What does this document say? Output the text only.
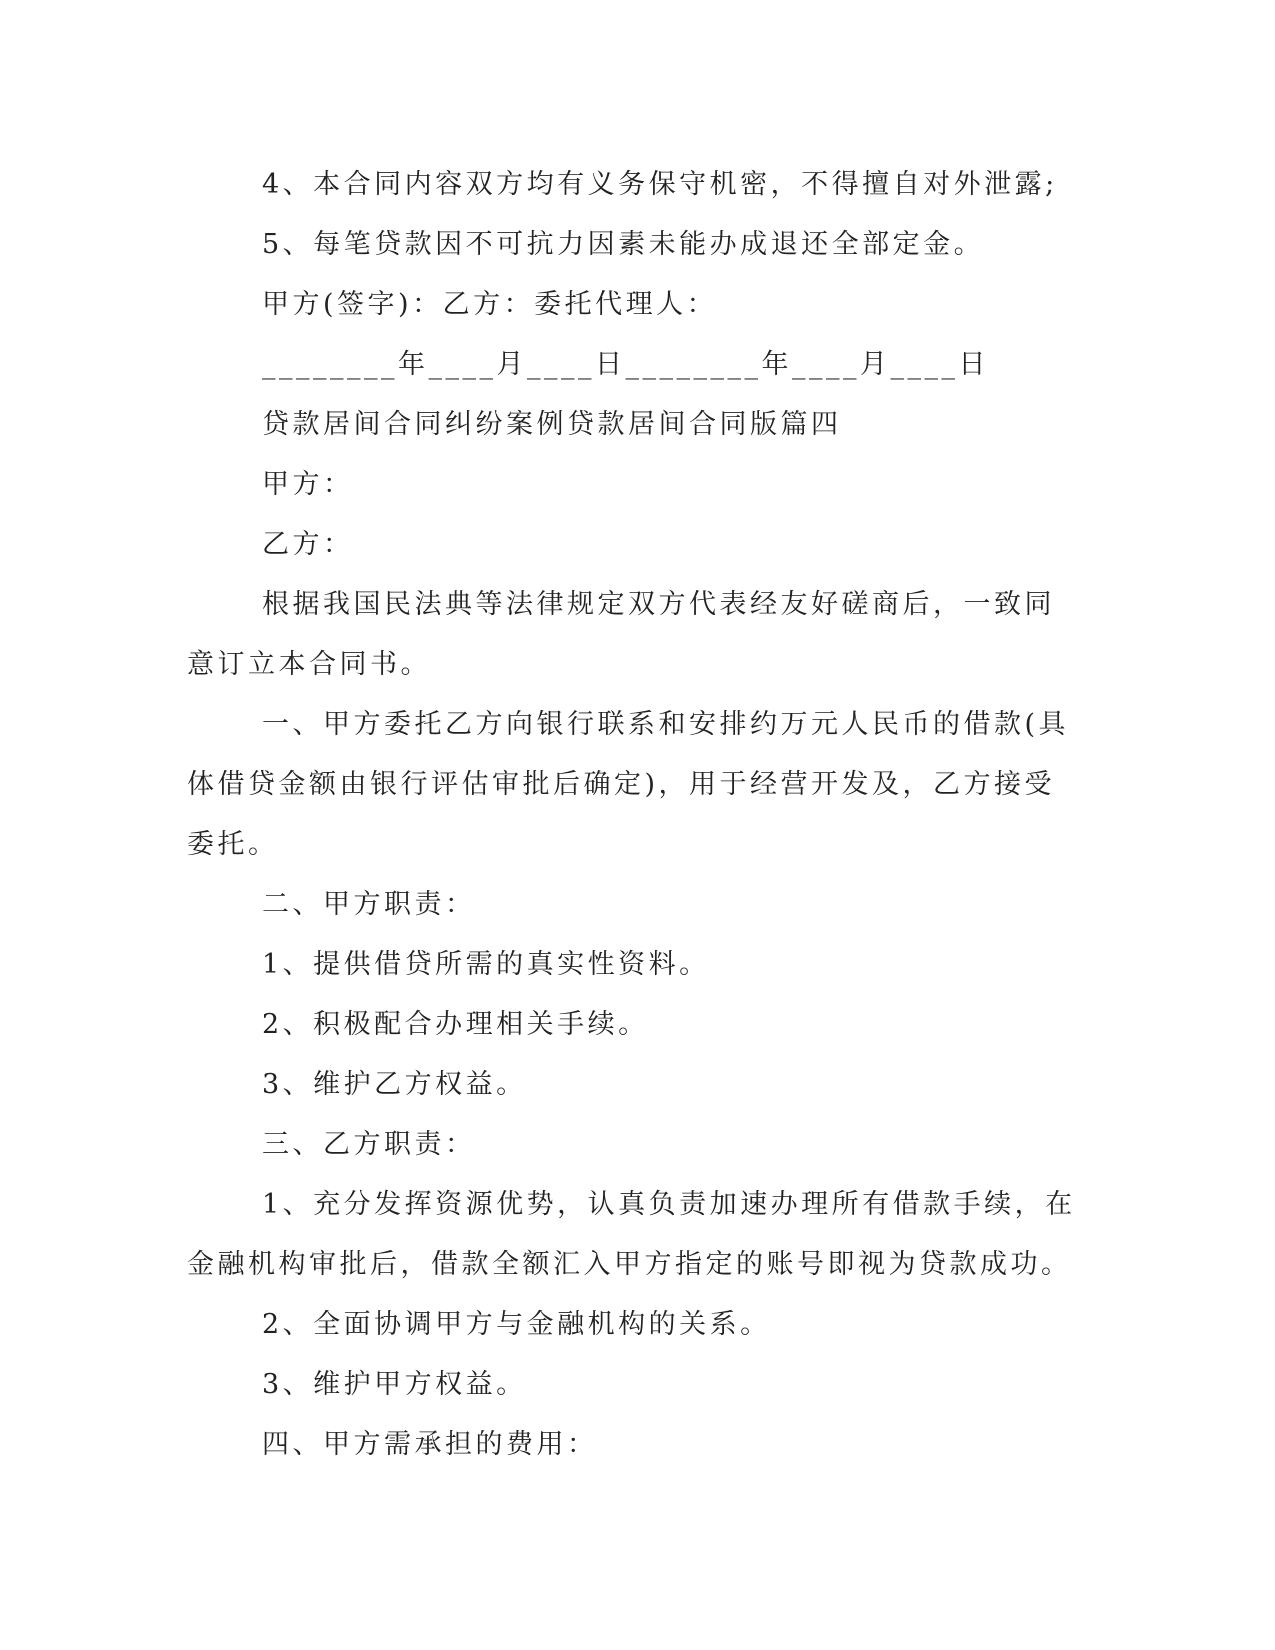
4、本合同内容双方均有义务保守机密，不得擅自对外泄露;

5、每笔贷款因不可抗力因素未能办成退还全部定金。

甲方(签字)：乙方：委托代理人：

________年____月____日________年____月____日

贷款居间合同纠纷案例贷款居间合同版篇四

甲方：

乙方：

根据我国民法典等法律规定双方代表经友好磋商后，一致同意订立本合同书。

一、甲方委托乙方向银行联系和安排约万元人民币的借款(具体借贷金额由银行评估审批后确定)，用于经营开发及，乙方接受委托。

二、甲方职责：

1、提供借贷所需的真实性资料。

2、积极配合办理相关手续。

3、维护乙方权益。

三、乙方职责：

1、充分发挥资源优势，认真负责加速办理所有借款手续，在金融机构审批后，借款全额汇入甲方指定的账号即视为贷款成功。

2、全面协调甲方与金融机构的关系。

3、维护甲方权益。

四、甲方需承担的费用：
